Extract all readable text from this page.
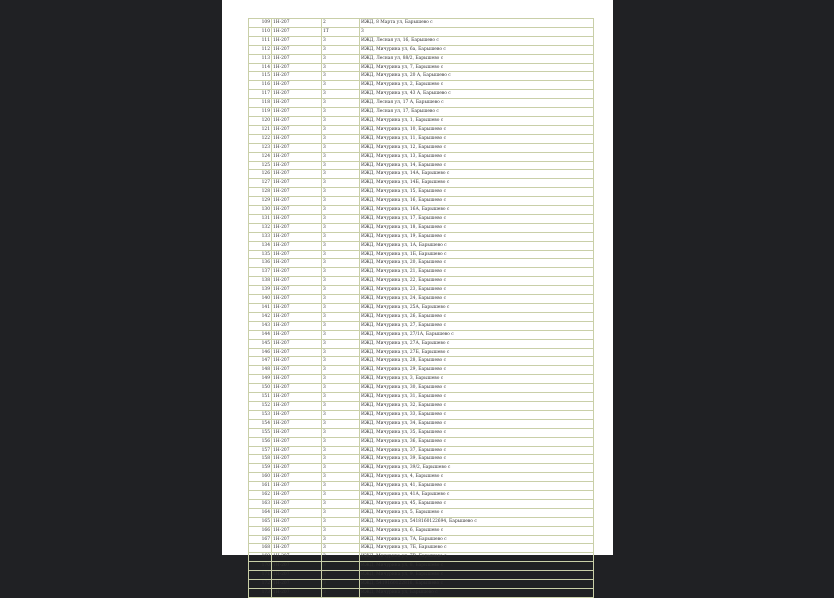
109	1Н-207	2	ИЖД, 8 Марта ул, Барышево с
110	1Н-207	1Т	3
111	1Н-207	3	ИЖД, Лесная ул, 16, Барышево с
112	1Н-207	3	ИЖД, Мичурина ул, 6а, Барышево с
113	1Н-207	3	ИЖД, Лесная ул, 88/2, Барышево с
114	1Н-207	3	ИЖД, Мичурина ул, 7, Барышево с
115	1Н-207	3	ИЖД, Мичурина ул, 20 А, Барышево с
116	1Н-207	3	ИЖД, Мичурина ул, 2, Барышево с
117	1Н-207	3	ИЖД, Мичурина ул, 43 А, Барышево с
118	1Н-207	3	ИЖД, Лесная ул, 17 А, Барышево с
119	1Н-207	3	ИЖД, Лесная ул, 17, Барышево с
120	1Н-207	3	ИЖД, Мичурина ул, 1, Барышево с
121	1Н-207	3	ИЖД, Мичурина ул, 10, Барышево с
122	1Н-207	3	ИЖД, Мичурина ул, 11, Барышево с
123	1Н-207	3	ИЖД, Мичурина ул, 12, Барышево с
124	1Н-207	3	ИЖД, Мичурина ул, 13, Барышево с
125	1Н-207	3	ИЖД, Мичурина ул, 14, Барышево с
126	1Н-207	3	ИЖД, Мичурина ул, 14А, Барышево с
127	1Н-207	3	ИЖД, Мичурина ул, 14Б, Барышево с
128	1Н-207	3	ИЖД, Мичурина ул, 15, Барышево с
129	1Н-207	3	ИЖД, Мичурина ул, 16, Барышево с
130	1Н-207	3	ИЖД, Мичурина ул, 16А, Барышево с
131	1Н-207	3	ИЖД, Мичурина ул, 17, Барышево с
132	1Н-207	3	ИЖД, Мичурина ул, 18, Барышево с
133	1Н-207	3	ИЖД, Мичурина ул, 19, Барышево с
134	1Н-207	3	ИЖД, Мичурина ул, 1А, Барышево с
135	1Н-207	3	ИЖД, Мичурина ул, 1Б, Барышево с
136	1Н-207	3	ИЖД, Мичурина ул, 20, Барышево с
137	1Н-207	3	ИЖД, Мичурина ул, 21, Барышево с
138	1Н-207	3	ИЖД, Мичурина ул, 22, Барышево с
139	1Н-207	3	ИЖД, Мичурина ул, 23, Барышево с
140	1Н-207	3	ИЖД, Мичурина ул, 24, Барышево с
141	1Н-207	3	ИЖД, Мичурина ул, 25А, Барышево с
142	1Н-207	3	ИЖД, Мичурина ул, 26, Барышево с
143	1Н-207	3	ИЖД, Мичурина ул, 27, Барышево с
144	1Н-207	3	ИЖД, Мичурина ул, 27/1А, Барышево с
145	1Н-207	3	ИЖД, Мичурина ул, 27А, Барышево с
146	1Н-207	3	ИЖД, Мичурина ул, 27Б, Барышево с
147	1Н-207	3	ИЖД, Мичурина ул, 28, Барышево с
148	1Н-207	3	ИЖД, Мичурина ул, 29, Барышево с
149	1Н-207	3	ИЖД, Мичурина ул, 3, Барышево с
150	1Н-207	3	ИЖД, Мичурина ул, 30, Барышево с
151	1Н-207	3	ИЖД, Мичурина ул, 31, Барышево с
152	1Н-207	3	ИЖД, Мичурина ул, 32, Барышево с
153	1Н-207	3	ИЖД, Мичурина ул, 33, Барышево с
154	1Н-207	3	ИЖД, Мичурина ул, 34, Барышево с
155	1Н-207	3	ИЖД, Мичурина ул, 35, Барышево с
156	1Н-207	3	ИЖД, Мичурина ул, 36, Барышево с
157	1Н-207	3	ИЖД, Мичурина ул, 37, Барышево с
158	1Н-207	3	ИЖД, Мичурина ул, 39, Барышево с
159	1Н-207	3	ИЖД, Мичурина ул, 39/2, Барышево с
160	1Н-207	3	ИЖД, Мичурина ул, 4, Барышево с
161	1Н-207	3	ИЖД, Мичурина ул, 41, Барышево с
162	1Н-207	3	ИЖД, Мичурина ул, 41А, Барышево с
163	1Н-207	3	ИЖД, Мичурина ул, 45, Барышево с
164	1Н-207	3	ИЖД, Мичурина ул, 5, Барышево с
165	1Н-207	3	ИЖД, Мичурина ул, 5418160122694, Барышево с
166	1Н-207	3	ИЖД, Мичурина ул, 6, Барышево с
167	1Н-207	3	ИЖД, Мичурина ул, 7А, Барышево с
168	1Н-207	3	ИЖД, Мичурина ул, 7Б, Барышево с
169	1Н-207	3	ИЖД, Мичурина ул, 7В, Барышево с
170	1Н-207	3	ИЖД, Мичурина ул, 8, Барышево с
171	1Н-207	3	ИЖД, Мичурина ул, 9, Барышево с
172	1Н-207	3	ИЖД, 5419160122816, Барышево с
173	1Н-207	3	ИЖД, Мичурина ул, Барышево с
